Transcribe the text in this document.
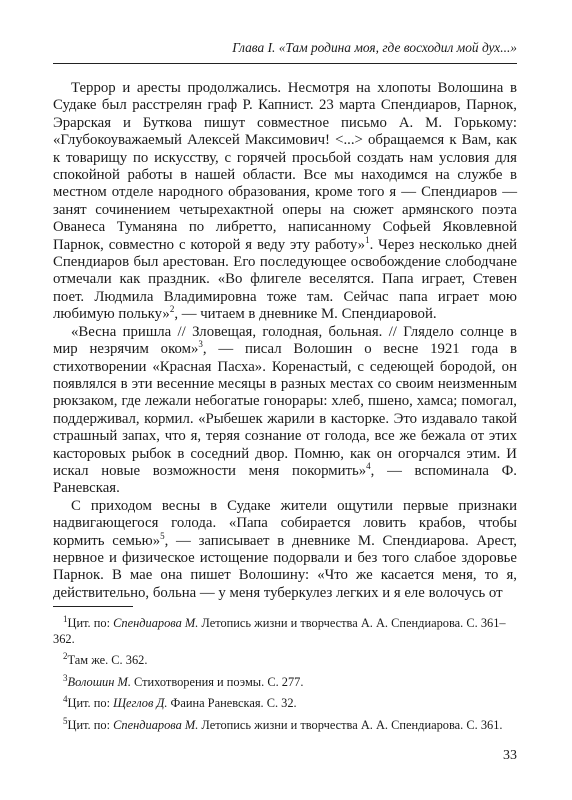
Глава I. «Там родина моя, где восходил мой дух...»

Террор и аресты продолжались. Несмотря на хлопоты Волошина в Судаке был расстрелян граф Р. Капнист. 23 марта Спендиаров, Парнок, Эрарская и Буткова пишут совместное письмо А. М. Горькому: «Глубокоуважаемый Алексей Максимович! <...> обращаемся к Вам, как к товарищу по искусству, с горячей просьбой создать нам условия для спокойной работы в нашей области. Все мы находимся на службе в местном отделе народного образования, кроме того я — Спендиаров — занят сочинением четырехактной оперы на сюжет армянского поэта Ованеса Туманяна по либретто, написанному Софьей Яковлевной Парнок, совместно с которой я веду эту работу»$^1$. Через несколько дней Спендиаров был арестован. Его последующее освобождение слободчане отмечали как праздник. «Во флигеле веселятся. Папа играет, Стевен поет. Людмила Владимировна тоже там. Сейчас папа играет мою любимую польку»$^2$, — читаем в дневнике М. Спендиаровой.

«Весна пришла // Зловещая, голодная, больная. // Глядело солнце в мир незрячим оком»$^3$, — писал Волошин о весне 1921 года в стихотворении «Красная Пасха». Коренастый, с седеющей бородой, он появлялся в эти весенние месяцы в разных местах со своим неизменным рюкзаком, где лежали небогатые гонорары: хлеб, пшено, хамса; помогал, поддерживал, кормил. «Рыбешек жарили в касторке. Это издавало такой страшный запах, что я, теряя сознание от голода, все же бежала от этих касторовых рыбок в соседний двор. Помню, как он огорчался этим. И искал новые возможности меня покормить»$^4$, — вспоминала Ф. Раневская.

С приходом весны в Судаке жители ощутили первые признаки надвигающегося голода. «Папа собирается ловить крабов, чтобы кормить семью»$^5$, — записывает в дневнике М. Спендиарова. Арест, нервное и физическое истощение подорвали и без того слабое здоровье Парнок. В мае она пишет Волошину: «Что же касается меня, то я, действительно, больна — у меня туберкулез легких и я еле волочусь от

$^1$Цит. по: Спендиарова М. Летопись жизни и творчества А. А. Спендиарова. С. 361–362.

$^2$Там же. С. 362.

$^3$Волошин М. Стихотворения и поэмы. С. 277.

$^4$Цит. по: Щеглов Д. Фаина Раневская. С. 32.

$^5$Цит. по: Спендиарова М. Летопись жизни и творчества А. А. Спендиарова. С. 361.

33
